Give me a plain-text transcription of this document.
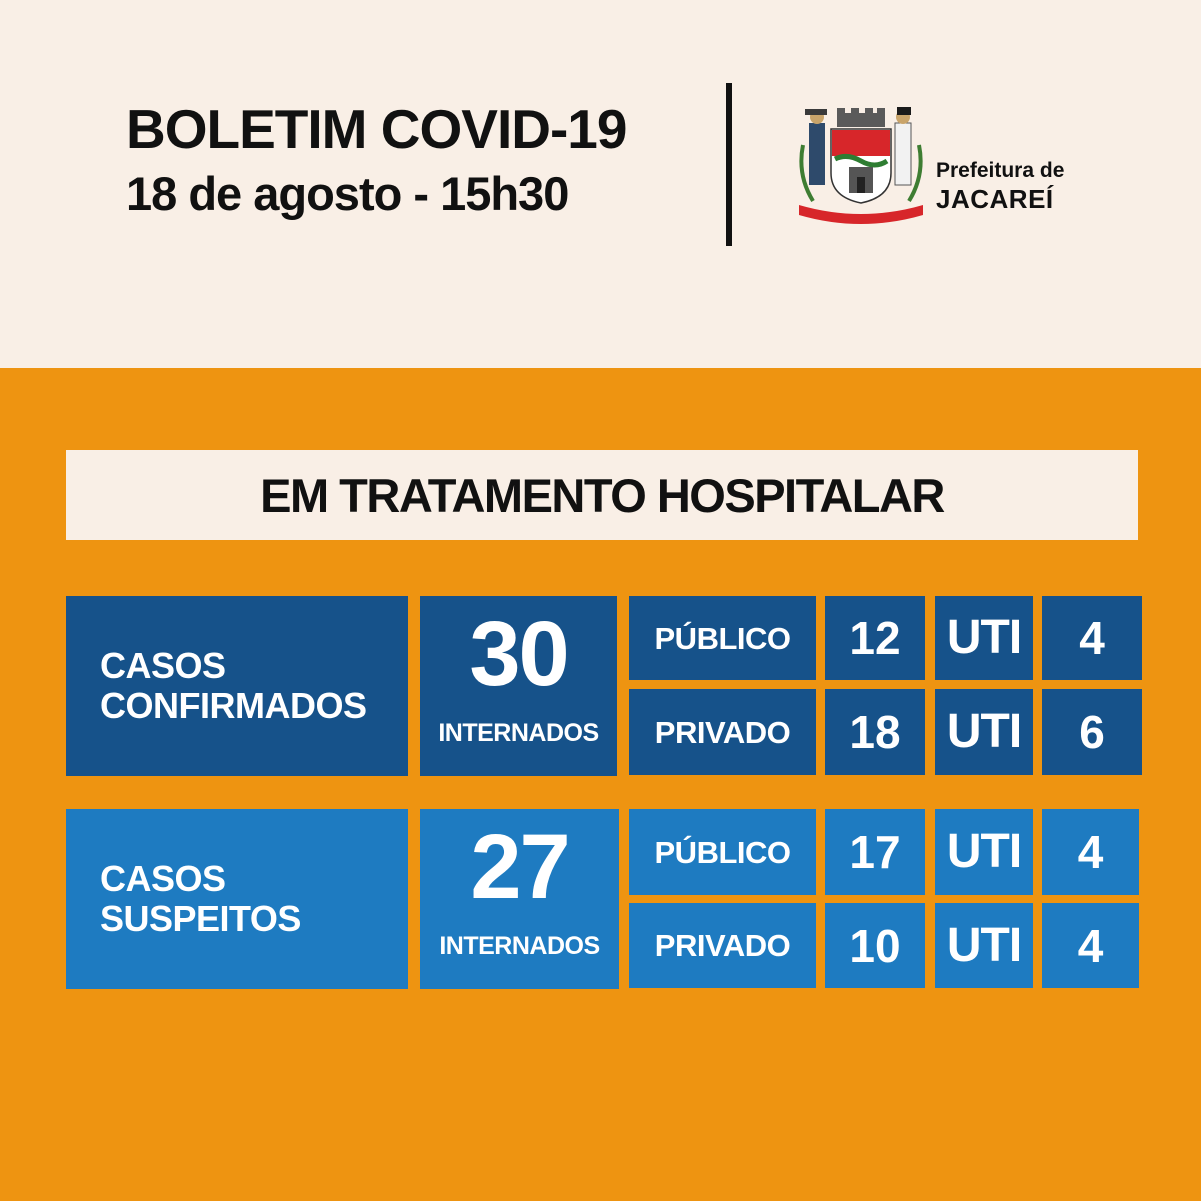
BOLETIM COVID-19
18 de agosto - 15h30	Prefeitura de
JACAREÍ
EM TRATAMENTO HOSPITALAR
CASOS
CONFIRMADOS
30
INTERNADOS
PÚBLICO	12 UTI	4
PRIVADO	18 UTI	6
CASOS
SUSPEITOS
27
INTERNADOS
PÚBLICO	17 UTI	4
PRIVADO	10 UTI	4
